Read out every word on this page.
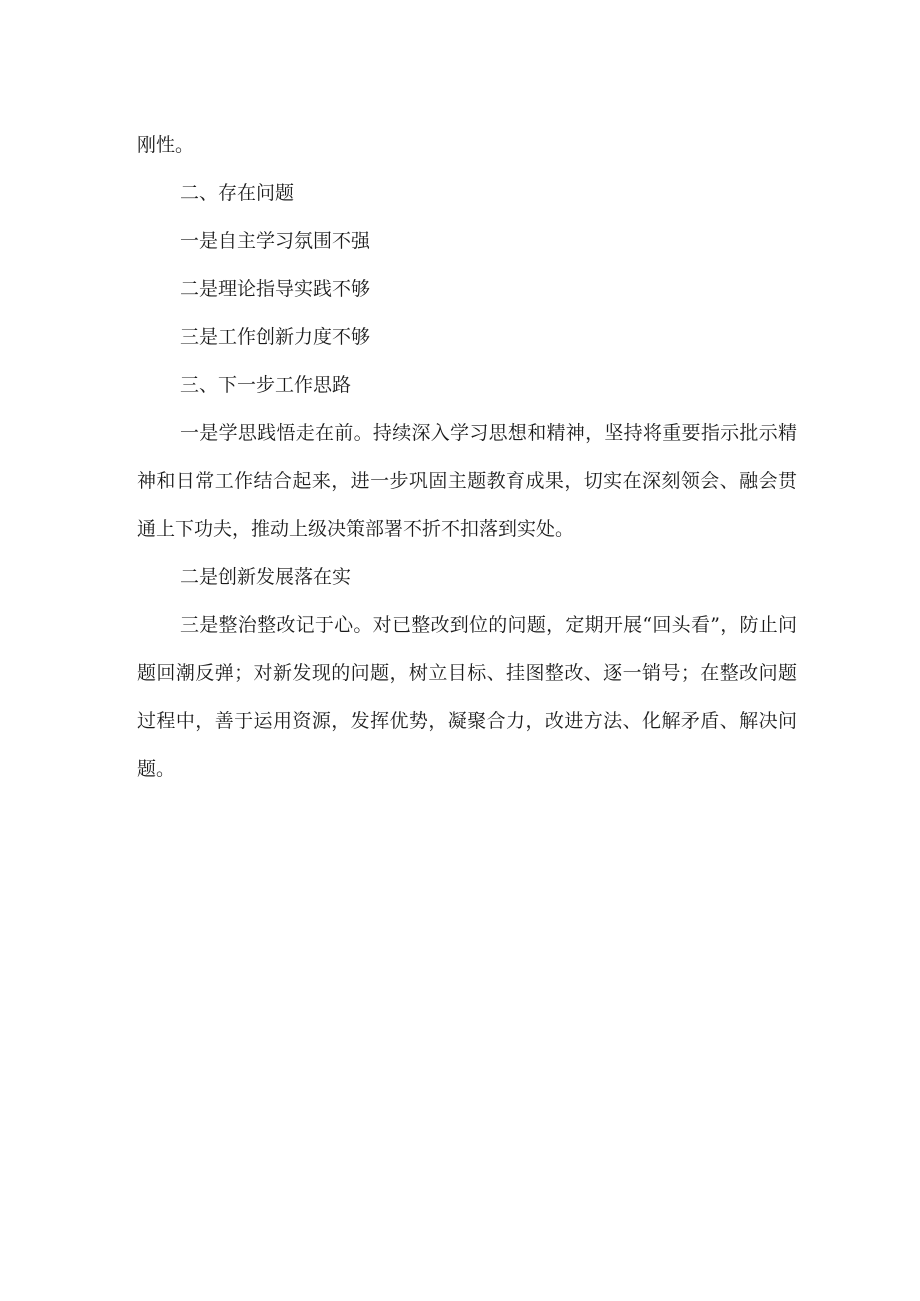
刚性。

二、存在问题

一是自主学习氛围不强

二是理论指导实践不够

三是工作创新力度不够

三、下一步工作思路

一是学思践悟走在前。持续深入学习思想和精神，坚持将重要指示批示精神和日常工作结合起来，进一步巩固主题教育成果，切实在深刻领会、融会贯通上下功夫，推动上级决策部署不折不扣落到实处。

二是创新发展落在实

三是整治整改记于心。对已整改到位的问题，定期开展“回头看”，防止问题回潮反弹；对新发现的问题，树立目标、挂图整改、逐一销号；在整改问题过程中，善于运用资源，发挥优势，凝聚合力，改进方法、化解矛盾、解决问题。
